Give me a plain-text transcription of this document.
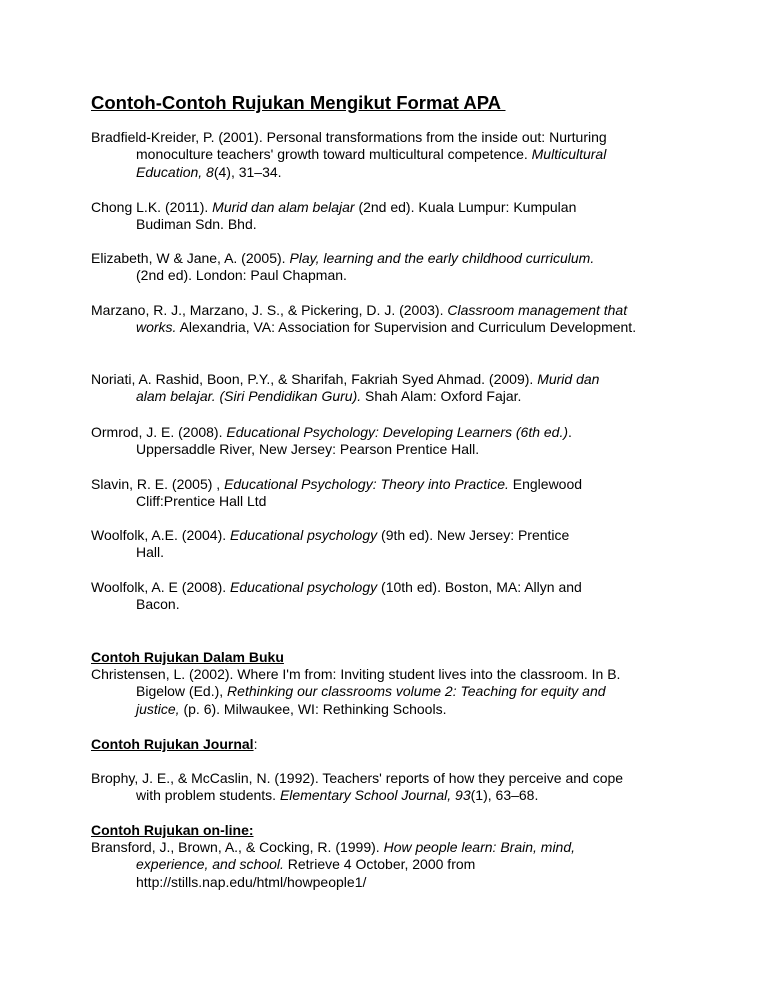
Contoh-Contoh Rujukan Mengikut Format APA
Bradfield-Kreider, P. (2001). Personal transformations from the inside out: Nurturing
monoculture teachers' growth toward multicultural competence. Multicultural
Education, 8(4), 31–34.
Chong L.K. (2011). Murid dan alam belajar (2nd ed). Kuala Lumpur: Kumpulan
Budiman Sdn. Bhd.
Elizabeth, W & Jane, A. (2005). Play, learning and the early childhood curriculum.
(2nd ed). London: Paul Chapman.
Marzano, R. J., Marzano, J. S., & Pickering, D. J. (2003). Classroom management that
works. Alexandria, VA: Association for Supervision and Curriculum Development.
Noriati, A. Rashid, Boon, P.Y., & Sharifah, Fakriah Syed Ahmad. (2009). Murid dan
alam belajar. (Siri Pendidikan Guru). Shah Alam: Oxford Fajar.
Ormrod, J. E. (2008). Educational Psychology: Developing Learners (6th ed.).
Uppersaddle River, New Jersey: Pearson Prentice Hall.
Slavin, R. E. (2005) , Educational Psychology: Theory into Practice. Englewood
Cliff:Prentice Hall Ltd
Woolfolk, A.E. (2004). Educational psychology (9th ed). New Jersey: Prentice
Hall.
Woolfolk, A. E (2008). Educational psychology (10th ed). Boston, MA: Allyn and
Bacon.
Contoh Rujukan Dalam Buku
Christensen, L. (2002). Where I'm from: Inviting student lives into the classroom. In B.
Bigelow (Ed.), Rethinking our classrooms volume 2: Teaching for equity and
justice, (p. 6). Milwaukee, WI: Rethinking Schools.
Contoh Rujukan Journal:
Brophy, J. E., & McCaslin, N. (1992). Teachers' reports of how they perceive and cope
with problem students. Elementary School Journal, 93(1), 63–68.
Contoh Rujukan on-line:
Bransford, J., Brown, A., & Cocking, R. (1999). How people learn: Brain, mind,
experience, and school. Retrieve 4 October, 2000 from
http://stills.nap.edu/html/howpeople1/
